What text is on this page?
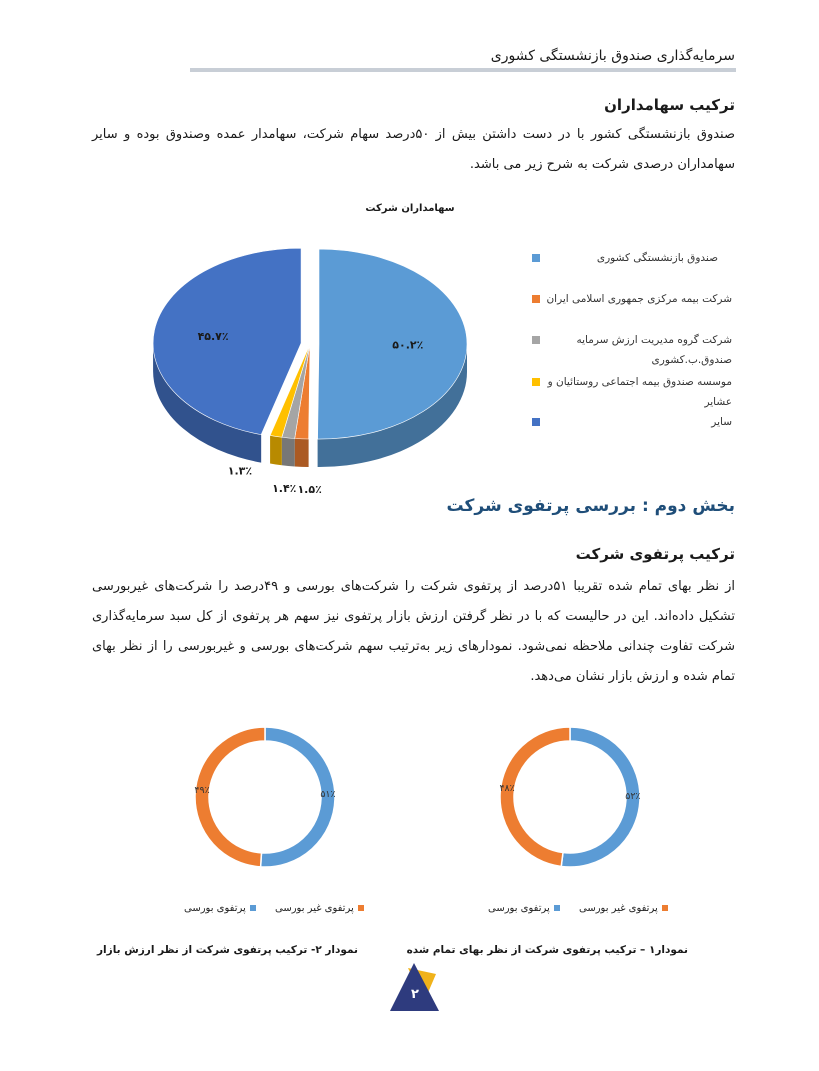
سرمایه‌گذاری صندوق بازنشستگی کشوری
ترکیب سهامداران
صندوق بازنشستگی کشور با در دست داشتن بیش از ۵۰درصد سهام شرکت، سهامدار عمده وصندوق بوده و سایر سهامداران درصدی شرکت به شرح زیر می باشد.
سهامداران شرکت
۵۰.۲٪
۱.۵٪
۱.۴٪
۱.۳٪
۴۵.۷٪
صندوق بازنشستگی کشوری
شرکت بیمه مرکزی جمهوری اسلامی ایران
شرکت گروه مدیریت ارزش سرمایه صندوق.ب.کشوری
موسسه صندوق بیمه اجتماعی روستائیان و عشایر
سایر
بخش دوم : بررسی پرتفوی شرکت
ترکیب پرتفوی شرکت
از نظر بهای تمام شده تقریبا ۵۱درصد از پرتفوی شرکت را شرکت‌های بورسی و ۴۹درصد را شرکت‌های غیربورسی تشکیل داده‌اند. این در حالیست که با در نظر گرفتن ارزش بازار پرتفوی نیز سهم هر پرتفوی از کل سبد سرمایه‌گذاری شرکت تفاوت چندانی ملاحظه نمی‌شود. نمودارهای زیر به‌ترتیب سهم شرکت‌های بورسی و غیربورسی را از نظر بهای تمام شده و ارزش بازار نشان می‌دهد.
۵۲٪
۴۸٪
۵۱٪
۴۹٪
پرتفوی غیر بورسی پرتفوی بورسی
پرتفوی غیر بورسی پرتفوی بورسی
نمودار۱ – ترکیب پرتفوی شرکت از نظر بهای تمام شده
نمودار ۲- ترکیب پرتفوی شرکت از نظر ارزش بازار
۲
